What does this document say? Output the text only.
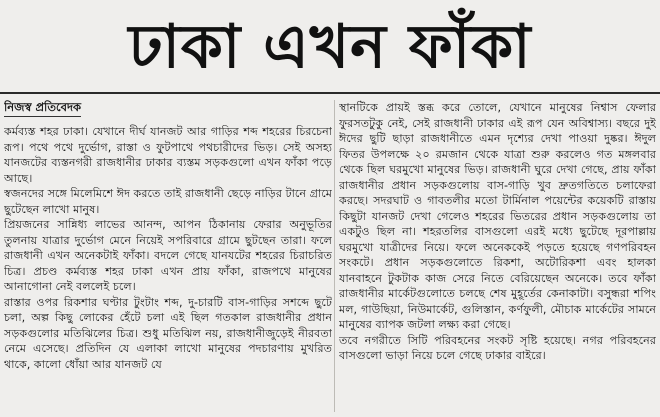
ঢাকা এখন ফাঁকা
নিজস্ব প্রতিবেদক

কর্মব্যস্ত শহর ঢাকা। যেখানে দীর্ঘ যানজট আর গাড়ির শব্দ শহরের চিরচেনা রূপ। পথে পথে দুর্ভোগ, রাস্তা ও ফুটপাথে পথচারীদের ভিড়। সেই অসহ্য যানজটের ব্যস্তনগরী রাজধানীর ঢাকার ব্যস্তম সড়কগুলো এখন ফাঁকা পড়ে আছে।

স্বজনদের সঙ্গে মিলেমিশে ঈদ করতে তাই রাজধানী ছেড়ে নাড়ির টানে গ্রামে ছুটেছেন লাখো মানুষ।

প্রিয়জনের সান্নিধ্য লাভের আনন্দ, আপন ঠিকানায় ফেরার অনুভূতির তুলনায় যাত্রার দুর্ভোগ মেনে নিয়েই সপরিবারে গ্রামে ছুটছেন তারা। ফলে রাজধানী এখন অনেকটাই ফাঁকা। বদলে গেছে যানযটের শহরের চিরাচরিত চিত্র। প্রচণ্ড কর্মব্যস্ত শহর ঢাকা এখন প্রায় ফাঁকা, রাজপথে মানুষের আনাগোনা নেই বললেই চলে।

রাস্তার ওপর রিকশার ঘণ্টার টুংটাং শব্দ, দু-চারটি বাস-গাড়ির সশব্দে ছুটে চলা, অল্প কিছু লোকের হেঁটে চলা এই ছিল গতকাল রাজধানীর প্রধান সড়কগুলোর মতিঝিলের চিত্র। শুধু মতিঝিল নয়, রাজধানীজুড়েই নীরবতা নেমে এসেছে। প্রতিদিন যে এলাকা লাখো মানুষের পদচারণায় মুখরিত থাকে, কালো ধোঁয়া আর যানজট যে

স্থানটিকে প্রায়ই স্তব্ধ করে তোলে, যেখানে মানুষের নিশ্বাস ফেলার ফুরসতটুকু নেই, সেই রাজধানী ঢাকার এই রূপ যেন অবিশ্বাস্য। বছরে দুই ঈদের ছুটি ছাড়া রাজধানীতে এমন দৃশ্যের দেখা পাওয়া দুষ্কর। ঈদুল ফিতর উপলক্ষে ২০ রমজান থেকে যাত্রা শুরু করলেও গত মঙ্গলবার থেকে ছিল ঘরমুখো মানুষের ভিড়। রাজধানী ঘুরে দেখা গেছে, প্রায় ফাঁকা রাজধানীর প্রধান সড়কগুলোয় বাস-গাড়ি খুব দ্রুতগতিতে চলাফেরা করছে। সদরঘাট ও গাবতলীর মতো টার্মিনাল পয়েন্টের কয়েকটি রাস্তায় কিছুটা যানজট দেখা গেলেও শহরের ভিতরের প্রধান সড়কগুলোয় তা একটুও ছিল না। শহরতলির বাসগুলো এরই মধ্যে ছুটেছে দূরপাল্লায় ঘরমুখো যাত্রীদের নিয়ে। ফলে অনেককেই পড়তে হয়েছে গণপরিবহন সংকটে। প্রধান সড়কগুলোতে রিকশা, অটোরিকশা এবং হালকা যানবাহনে টুকটাক কাজ সেরে নিতে বেরিয়েছেন অনেকে। তবে ফাঁকা রাজধানীর মার্কেটগুলোতে চলছে শেষ মুহূর্তের কেনাকাটা। বসুন্ধরা শপিং মল, গাউছিয়া, নিউমার্কেট, গুলিস্তান, কর্ণফুলী, মৌচাক মার্কেটের সামনে মানুষের ব্যাপক জটলা লক্ষ্য করা গেছে।

তবে নগরীতে সিটি পরিবহনের সংকট সৃষ্টি হয়েছে। নগর পরিবহনের বাসগুলো ভাড়া নিয়ে চলে গেছে ঢাকার বাইরে।
